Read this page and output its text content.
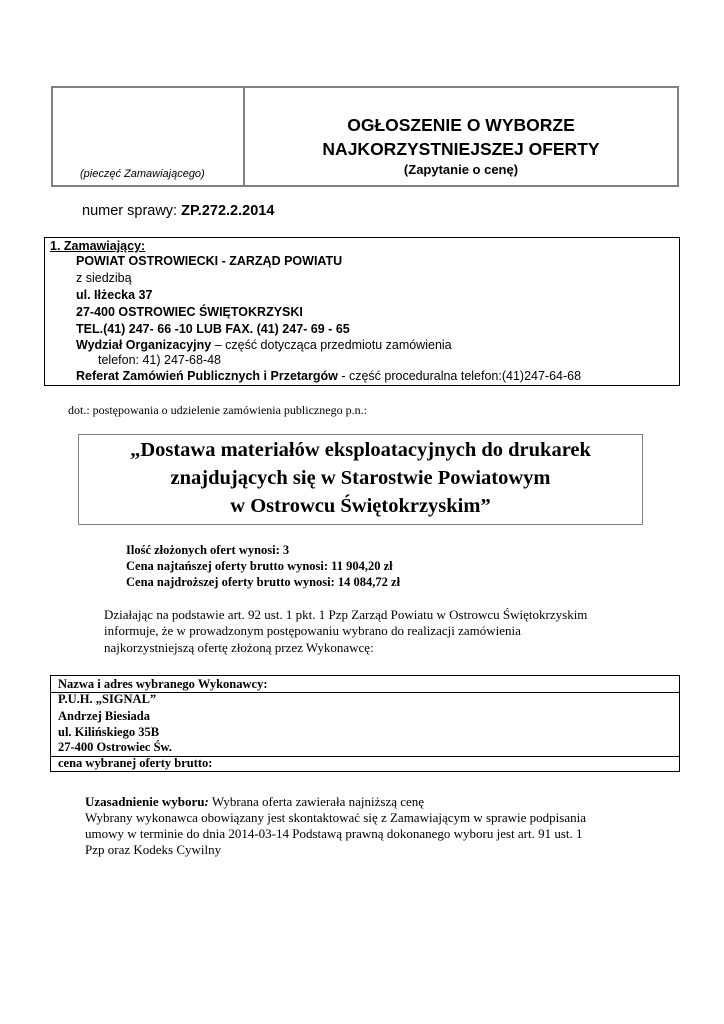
(pieczęć Zamawiającego)
OGŁOSZENIE O WYBORZE
NAJKORZYSTNIEJSZEJ OFERTY
(Zapytanie o cenę)
numer sprawy: ZP.272.2.2014
1. Zamawiający:
POWIAT OSTROWIECKI - ZARZĄD POWIATU
z siedzibą
ul. Iłżecka 37
27-400 OSTROWIEC ŚWIĘTOKRZYSKI
TEL.(41) 247- 66 -10 LUB FAX. (41) 247- 69 - 65
Wydział Organizacyjny – część dotycząca przedmiotu zamówienia
telefon: 41) 247-68-48
Referat Zamówień Publicznych i Przetargów - część proceduralna telefon:(41)247-64-68
dot.: postępowania o udzielenie zamówienia publicznego p.n.:
„Dostawa materiałów eksploatacyjnych do drukarek
znajdujących się w Starostwie Powiatowym
w Ostrowcu Świętokrzyskim”
Ilość złożonych ofert wynosi: 3
Cena najtańszej oferty brutto wynosi: 11 904,20 zł
Cena najdroższej oferty brutto wynosi: 14 084,72 zł
Działając na podstawie art. 92 ust. 1 pkt. 1 Pzp Zarząd Powiatu w Ostrowcu Świętokrzyskim
informuje, że w prowadzonym postępowaniu wybrano do realizacji zamówienia
najkorzystniejszą ofertę złożoną przez Wykonawcę:
Nazwa i adres wybranego Wykonawcy:
P.U.H. „SIGNAL”
Andrzej Biesiada
ul. Kilińskiego 35B
27-400 Ostrowiec Św.
cena wybranej oferty brutto:
Uzasadnienie wyboru: Wybrana oferta zawierała najniższą cenę
Wybrany wykonawca obowiązany jest skontaktować się z Zamawiającym w sprawie podpisania
umowy w terminie do dnia 2014-03-14 Podstawą prawną dokonanego wyboru jest art. 91 ust. 1
Pzp oraz Kodeks Cywilny
